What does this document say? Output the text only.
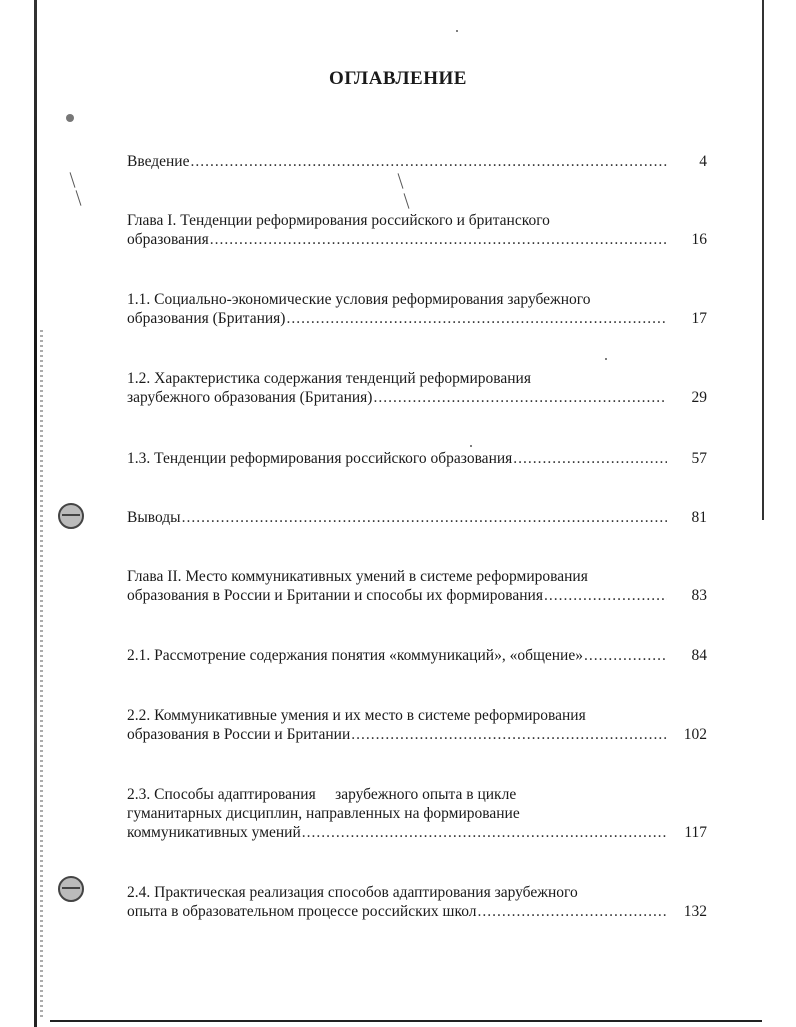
ОГЛАВЛЕНИЕ
Введение .....	4
Глава I. Тенденции реформирования российского и британского
образования .....	16
1.1. Социально-экономические условия реформирования зарубежного
образования (Британия) .....	17
1.2. Характеристика содержания тенденций реформирования
зарубежного образования (Британия) .....	29
1.3. Тенденции реформирования российского образования .....	57
Выводы .....	81
Глава II. Место коммуникативных умений в системе реформирования
образования в России и Британии и способы их формирования .....	83
2.1. Рассмотрение содержания понятия «коммуникаций», «общение» .....	84
2.2. Коммуникативные умения и их место в системе реформирования
образования в России и Британии .....	102
2.3. Способы адаптирования     зарубежного опыта в цикле
гуманитарных дисциплин, направленных на формирование
коммуникативных умений .....	117
2.4. Практическая реализация способов адаптирования зарубежного
опыта в образовательном процессе российских школ .....	132
